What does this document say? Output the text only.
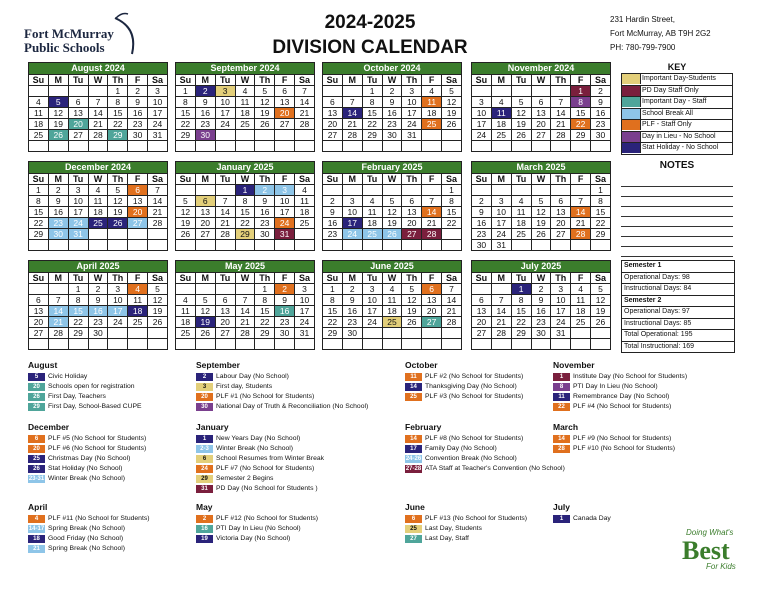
Fort McMurray
Public Schools
2024-2025
DIVISION CALENDAR
231 Hardin Street,
Fort McMurray, AB T9H 2G2
PH: 780-799-7900
August 2024
Su	M	Tu	W	Th	F	Sa
				1	2	3
4	5	6	7	8	9	10
11	12	13	14	15	16	17
18	19	20	21	22	23	24
25	26	27	28	29	30	31

September 2024
Su	M	Tu	W	Th	F	Sa
1	2	3	4	5	6	7
8	9	10	11	12	13	14
15	16	17	18	19	20	21
22	23	24	25	26	27	28
29	30					

October 2024
Su	M	Tu	W	Th	F	Sa
		1	2	3	4	5
6	7	8	9	10	11	12
13	14	15	16	17	18	19
20	21	22	23	24	25	26
27	28	29	30	31		

November 2024
Su	M	Tu	W	Th	F	Sa
					1	2
3	4	5	6	7	8	9
10	11	12	13	14	15	16
17	18	19	20	21	22	23
24	25	26	27	28	29	30

December 2024
Su	M	Tu	W	Th	F	Sa
1	2	3	4	5	6	7
8	9	10	11	12	13	14
15	16	17	18	19	20	21
22	23	24	25	26	27	28
29	30	31				

January 2025
Su	M	Tu	W	Th	F	Sa
			1	2	3	4
5	6	7	8	9	10	11
12	13	14	15	16	17	18
19	20	21	22	23	24	25
26	27	28	29	30	31	

February 2025
Su	M	Tu	W	Th	F	Sa
						1
2	3	4	5	6	7	8
9	10	11	12	13	14	15
16	17	18	19	20	21	22
23	24	25	26	27	28	

March 2025
Su	M	Tu	W	Th	F	Sa
						1
2	3	4	5	6	7	8
9	10	11	12	13	14	15
16	17	18	19	20	21	22
23	24	25	26	27	28	29
30	31					
April 2025
Su	M	Tu	W	Th	F	Sa
		1	2	3	4	5
6	7	8	9	10	11	12
13	14	15	16	17	18	19
20	21	22	23	24	25	26
27	28	29	30			

May 2025
Su	M	Tu	W	Th	F	Sa
				1	2	3
4	5	6	7	8	9	10
11	12	13	14	15	16	17
18	19	20	21	22	23	24
25	26	27	28	29	30	31

June 2025
Su	M	Tu	W	Th	F	Sa
1	2	3	4	5	6	7
8	9	10	11	12	13	14
15	16	17	18	19	20	21
22	23	24	25	26	27	28
29	30					

July 2025
Su	M	Tu	W	Th	F	Sa
		1	2	3	4	5
6	7	8	9	10	11	12
13	14	15	16	17	18	19
20	21	22	23	24	25	26
27	28	29	30	31		

KEY
Important Day-Students
PD Day Staff Only
Important Day - Staff
School Break All
PLF - Staff Only
Day in Lieu - No School
Stat Holiday - No School
NOTES
Semester 1
Operational Days: 98
Instructional Days: 84
Semester 2
Operational Days: 97
Instructional Days: 85
Total Operational: 195
Total Instructional: 169
August
5	Civic Holiday
20	Schools open for registration
26	First Day, Teachers
29	First Day, School-Based CUPE
September
2	Labour Day (No School)
3	First day, Students
20	PLF #1 (No School for Students)
30	National Day of Truth & Reconciliation (No School)
October
11	PLF #2 (No School for Students)
14	Thanksgiving Day (No School)
25	PLF #3 (No School for Students)
November
1	Institute Day (No School for Students)
8	PTI Day In Lieu (No School)
11	Remembrance Day (No School)
22	PLF #4 (No School for Students)
December
6	PLF #5 (No School for Students)
20	PLF #6 (No School for Students)
25	Christmas Day (No School)
26	Stat Holiday (No School)
23-31 Winter Break (No School)
January
1	New Years Day (No School)
2-3	Winter Break (No School)
6	School Resumes from Winter Break
24	PLF #7 (No School for Students)
29	Semester 2 Begins
31	PD Day (No School for Students )
February
14	PLF #8 (No School for Students)
17	Family Day (No School)
24-26 Convention Break (No School)
27-28 ATA Staff at Teacher's Convention (No School)
March
14	PLF #9 (No School for Students)
28	PLF #10 (No School for Students)
April
4	PLF #11 (No School for Students)
14-17 Spring Break (No School)
18	Good Friday (No School)
21	Spring Break (No School)
May
2	PLF #12 (No School for Students)
16	PTI Day In Lieu (No School)
19	Victoria Day (No School)
June
6	PLF #13 (No School for Students)
25	Last Day, Students
27	Last Day, Staff
July
1	Canada Day
Doing What's
Best
For Kids
